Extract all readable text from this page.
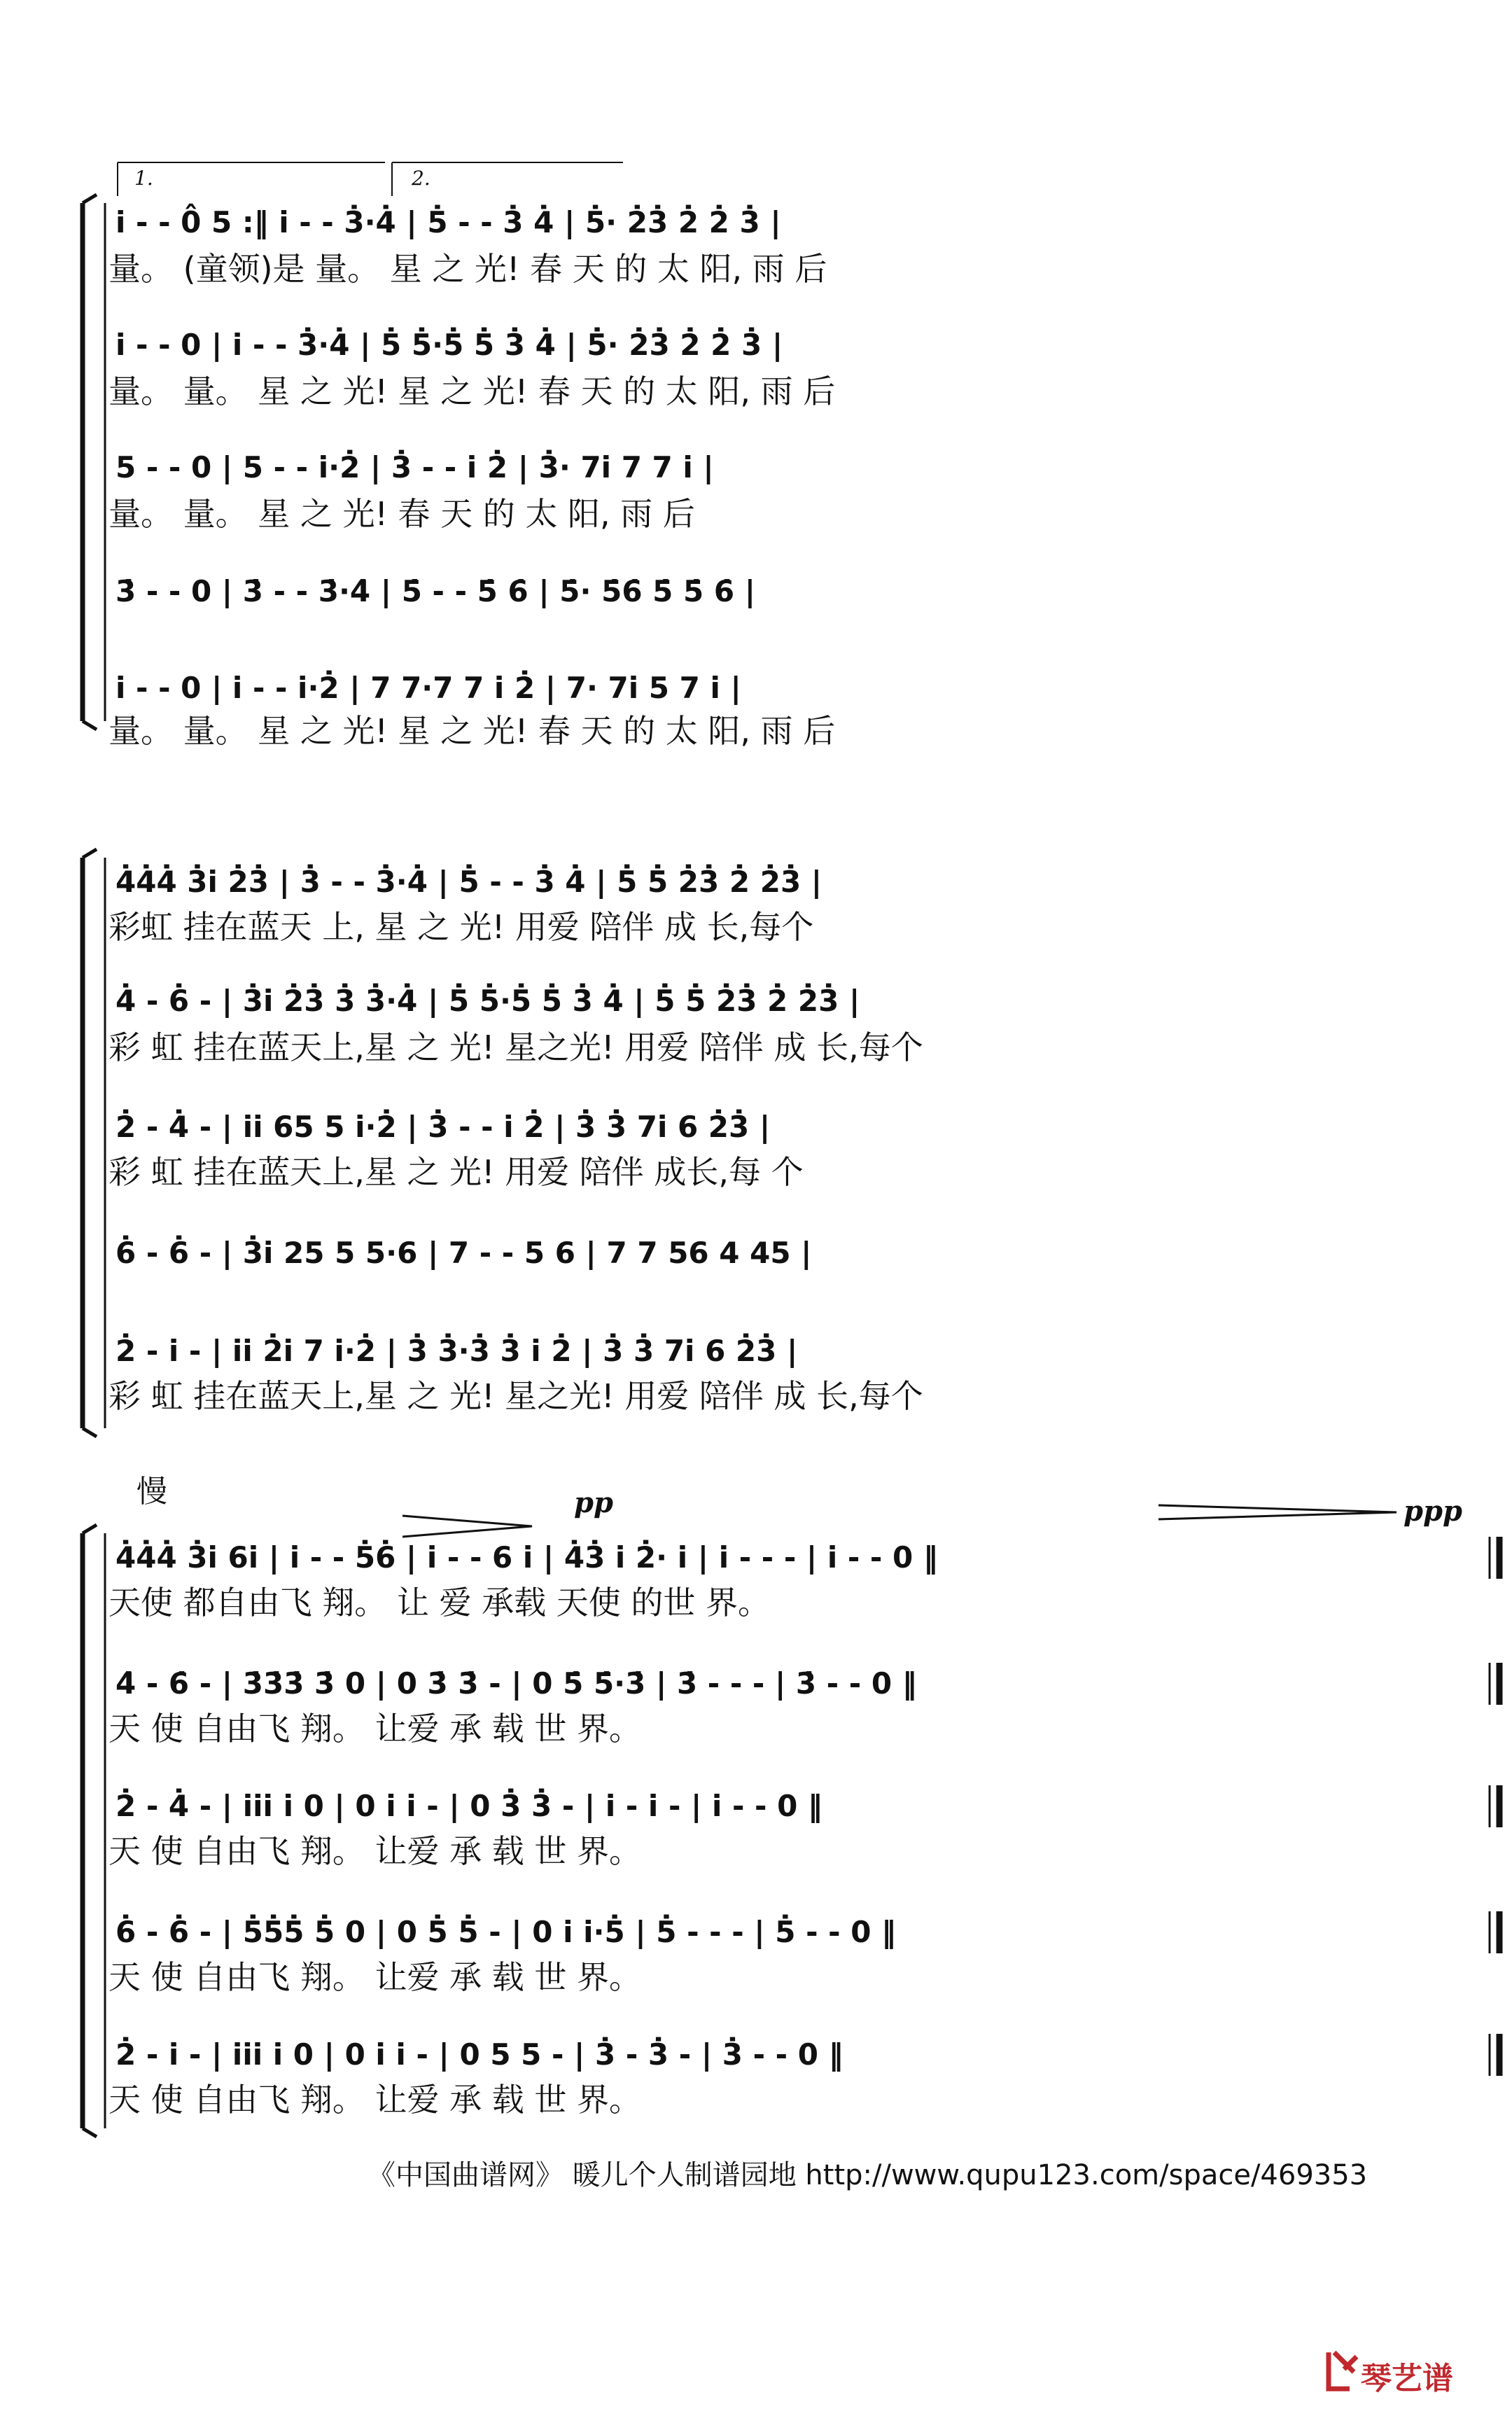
i̇ - - 0̂ 5 :‖ i̇ - - 3̇·4̇ | 5̇ - - 3̇ 4̇ | 5̇· 2̇3̇ 2̇ 2̇ 3̇ |
量。 (童领)是 量。 星 之 光! 春 天 的 太 阳, 雨 后
i̇ - - 0 | i̇ - - 3̇·4̇ | 5̇ 5̇·5̇ 5̇ 3̇ 4̇ | 5̇· 2̇3̇ 2̇ 2̇ 3̇ |
量。 量。 星 之 光! 星 之 光! 春 天 的 太 阳, 雨 后
5 - - 0 | 5 - - i̇·2̇ | 3̇ - - i̇ 2̇ | 3̇· 7i̇ 7 7 i̇ |
量。 量。 星 之 光! 春 天 的 太 阳, 雨 后
3̇ - - 0 | 3̇ - - 3̇·4̇ | 5̇ - - 5̇ 6̇ | 5̇· 5̇6̇ 5̇ 5̇ 6̇ |
i̇ - - 0 | i̇ - - i̇·2̇ | 7 7·7 7 i̇ 2̇ | 7· 7i̇ 5 7 i̇ |
量。 量。 星 之 光! 星 之 光! 春 天 的 太 阳, 雨 后
4̇4̇4̇ 3̇i̇ 2̇3̇ | 3̇ - - 3̇·4̇ | 5̇ - - 3̇ 4̇ | 5̇ 5̇ 2̇3̇ 2̇ 2̇3̇ |
彩虹 挂在蓝天 上, 星 之 光! 用爱 陪伴 成 长,每个
4̇ - 6̇ - | 3̇i̇ 2̇3̇ 3̇ 3̇·4̇ | 5̇ 5̇·5̇ 5̇ 3̇ 4̇ | 5̇ 5̇ 2̇3̇ 2̇ 2̇3̇ |
彩 虹 挂在蓝天上,星 之 光! 星之光! 用爱 陪伴 成 长,每个
2̇ - 4̇ - | i̇i̇ 65 5 i̇·2̇ | 3̇ - - i̇ 2̇ | 3̇ 3̇ 7i̇ 6 2̇3̇ |
彩 虹 挂在蓝天上,星 之 光! 用爱 陪伴 成长,每 个
6̇ - 6̇ - | 3̇i̇ 25 5 5·6 | 7 - - 5 6 | 7 7 56 4 45 |
2̇ - i̇ - | i̇i̇ 2̇i̇ 7 i̇·2̇ | 3̇ 3̇·3̇ 3̇ i̇ 2̇ | 3̇ 3̇ 7i̇ 6 2̇3̇ |
彩 虹 挂在蓝天上,星 之 光! 星之光! 用爱 陪伴 成 长,每个
4̇4̇4̇ 3̇i̇ 6i̇ | i̇ - - 5̇6̇ | i̇ - - 6 i̇ | 4̇3̇ i̇ 2̇· i̇ | i̇ - - - | i̇ - - 0 ‖
天使 都自由飞 翔。 让 爱 承载 天使 的世 界。
4̇ - 6̇ - | 3̇3̇3̇ 3̇ 0 | 0 3̇ 3̇ - | 0 5̇ 5̇·3̇ | 3̇ - - - | 3̇ - - 0 ‖
天 使 自由飞 翔。 让爱 承 载 世 界。
2̇ - 4̇ - | i̇i̇i̇ i̇ 0 | 0 i̇ i̇ - | 0 3̇ 3̇ - | i̇ - i̇ - | i̇ - - 0 ‖
天 使 自由飞 翔。 让爱 承 载 世 界。
6̇ - 6̇ - | 5̇5̇5̇ 5̇ 0 | 0 5̇ 5̇ - | 0 i̇ i̇·5̇ | 5̇ - - - | 5̇ - - 0 ‖
天 使 自由飞 翔。 让爱 承 载 世 界。
2̇ - i̇ - | i̇i̇i̇ i̇ 0 | 0 i̇ i̇ - | 0 5 5 - | 3̇ - 3̇ - | 3̇ - - 0 ‖
天 使 自由飞 翔。 让爱 承 载 世 界。
1.	2.
慢	pp	ppp
《中国曲谱网》 暖儿个人制谱园地 http://www.qupu123.com/space/469353
琴艺谱
